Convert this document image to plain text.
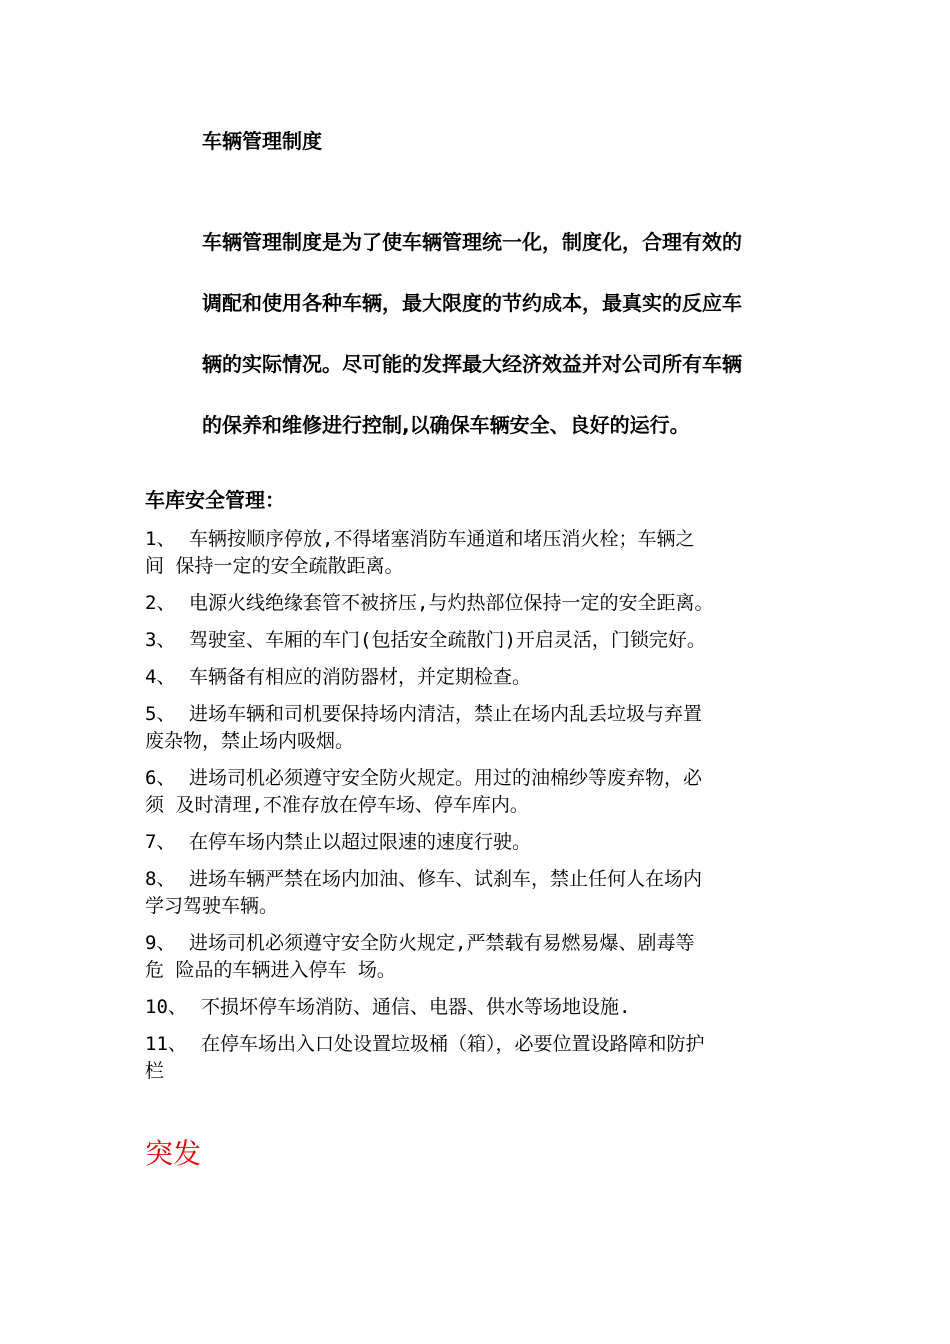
车辆管理制度
车辆管理制度是为了使车辆管理统一化，制度化，合理有效的
调配和使用各种车辆，最大限度的节约成本，最真实的反应车
辆的实际情况。尽可能的发挥最大经济效益并对公司所有车辆
的保养和维修进行控制,以确保车辆安全、良好的运行。
车库安全管理：
1、 车辆按顺序停放,不得堵塞消防车通道和堵压消火栓；车辆之
间 保持一定的安全疏散距离。
2、 电源火线绝缘套管不被挤压,与灼热部位保持一定的安全距离。
3、 驾驶室、车厢的车门(包括安全疏散门)开启灵活，门锁完好。
4、 车辆备有相应的消防器材，并定期检查。
5、 进场车辆和司机要保持场内清洁，禁止在场内乱丢垃圾与弃置
废杂物，禁止场内吸烟。
6、 进场司机必须遵守安全防火规定。用过的油棉纱等废弃物，必
须 及时清理,不准存放在停车场、停车库内。
7、 在停车场内禁止以超过限速的速度行驶。
8、 进场车辆严禁在场内加油、修车、试刹车，禁止任何人在场内
学习驾驶车辆。
9、 进场司机必须遵守安全防火规定,严禁载有易燃易爆、剧毒等
危 险品的车辆进入停车 场。
10、 不损坏停车场消防、通信、电器、供水等场地设施.
11、 在停车场出入口处设置垃圾桶（箱），必要位置设路障和防护
栏
突发
